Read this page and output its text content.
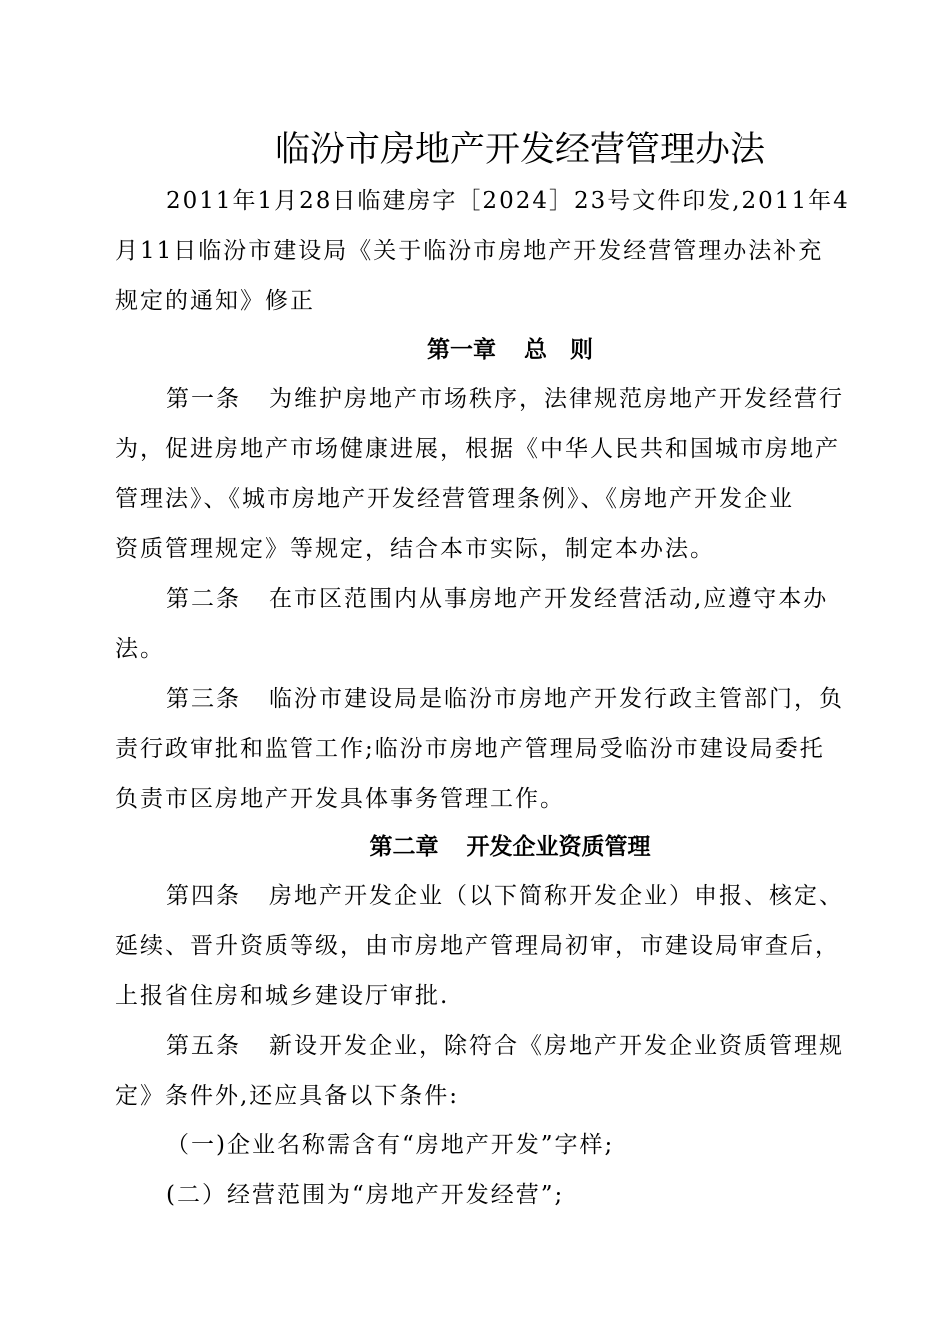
临汾市房地产开发经营管理办法
2011年1月28日临建房字［2024］23号文件印发,2011年4
月11日临汾市建设局《关于临汾市房地产开发经营管理办法补充
规定的通知》修正
第一章 总　则
第一条 为维护房地产市场秩序，法律规范房地产开发经营行
为，促进房地产市场健康进展，根据《中华人民共和国城市房地产
管理法》、《城市房地产开发经营管理条例》、《房地产开发企业
资质管理规定》等规定，结合本市实际，制定本办法。
第二条 在市区范围内从事房地产开发经营活动,应遵守本办
法。
第三条 临汾市建设局是临汾市房地产开发行政主管部门，负
责行政审批和监管工作;临汾市房地产管理局受临汾市建设局委托
负责市区房地产开发具体事务管理工作。
第二章 开发企业资质管理
第四条 房地产开发企业（以下简称开发企业）申报、核定、
延续、晋升资质等级，由市房地产管理局初审，市建设局审查后，
上报省住房和城乡建设厅审批.
第五条 新设开发企业，除符合《房地产开发企业资质管理规
定》条件外,还应具备以下条件:
（一)企业名称需含有“房地产开发”字样;
(二）经营范围为“房地产开发经营”;
